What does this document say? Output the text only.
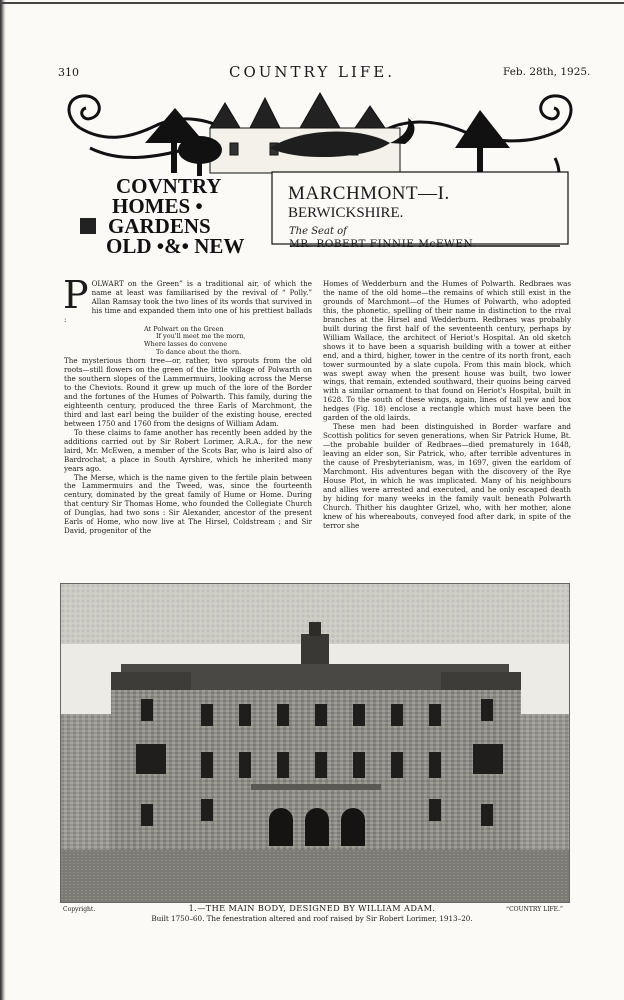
310	COUNTRY LIFE.	Feb. 28th, 1925.
COVNTRY
HOMES •
GARDENS
OLD •&• NEW
MARCHMONT—I.
BERWICKSHIRE.
The Seat of
MR. ROBERT FINNIE McEWEN.

POLWART on the Green” is a traditional air, of which the name at least was familiarised by the revival of “ Polly.” Allan Ramsay took the two lines of its words that survived in his time and expanded them into one of his prettiest ballads :

At Polwart on the Green
If you'll meet me the morn,
Where lasses do convene
To dance about the thorn.

The mysterious thorn tree—or, rather, two sprouts from the old roots—still flowers on the green of the little village of Polwarth on the southern slopes of the Lammermuirs, looking across the Merse to the Cheviots. Round it grew up much of the lore of the Border and the fortunes of the Humes of Polwarth. This family, during the eighteenth century, produced the three Earls of Marchmont, the third and last earl being the builder of the existing house, erected between 1750 and 1760 from the designs of William Adam.

To these claims to fame another has recently been added by the additions carried out by Sir Robert Lorimer, A.R.A., for the new laird, Mr. McEwen, a member of the Scots Bar, who is laird also of Bardrochat, a place in South Ayrshire, which he inherited many years ago.

The Merse, which is the name given to the fertile plain between the Lammermuirs and the Tweed, was, since the fourteenth century, dominated by the great family of Hume or Home. During that century Sir Thomas Home, who founded the Collegiate Church of Dunglas, had two sons : Sir Alexander, ancestor of the present Earls of Home, who now live at The Hirsel, Coldstream ; and Sir David, progenitor of the

Homes of Wedderburn and the Humes of Polwarth. Redbraes was the name of the old home—the remains of which still exist in the grounds of Marchmont—of the Humes of Polwarth, who adopted this, the phonetic, spelling of their name in distinction to the rival branches at the Hirsel and Wedderburn. Redbraes was probably built during the first half of the seventeenth century, perhaps by William Wallace, the architect of Heriot's Hospital. An old sketch shows it to have been a squarish building with a tower at either end, and a third, higher, tower in the centre of its north front, each tower surmounted by a slate cupola. From this main block, which was swept away when the present house was built, two lower wings, that remain, extended southward, their quoins being carved with a similar ornament to that found on Heriot's Hospital, built in 1628. To the south of these wings, again, lines of tall yew and box hedges (Fig. 18) enclose a rectangle which must have been the garden of the old lairds.

These men had been distinguished in Border warfare and Scottish politics for seven generations, when Sir Patrick Hume, Bt.—the probable builder of Redbraes—died prematurely in 1648, leaving an elder son, Sir Patrick, who, after terrible adventures in the cause of Presbyterianism, was, in 1697, given the earldom of Marchmont. His adventures began with the discovery of the Rye House Plot, in which he was implicated. Many of his neighbours and allies were arrested and executed, and he only escaped death by hiding for many weeks in the family vault beneath Polwarth Church. Thither his daughter Grizel, who, with her mother, alone knew of his whereabouts, conveyed food after dark, in spite of the terror she

Copyright.	1.—THE MAIN BODY, DESIGNED BY WILLIAM ADAM.
Built 1750–60. The fenestration altered and roof raised by Sir Robert Lorimer, 1913–20.
“COUNTRY LIFE.”
